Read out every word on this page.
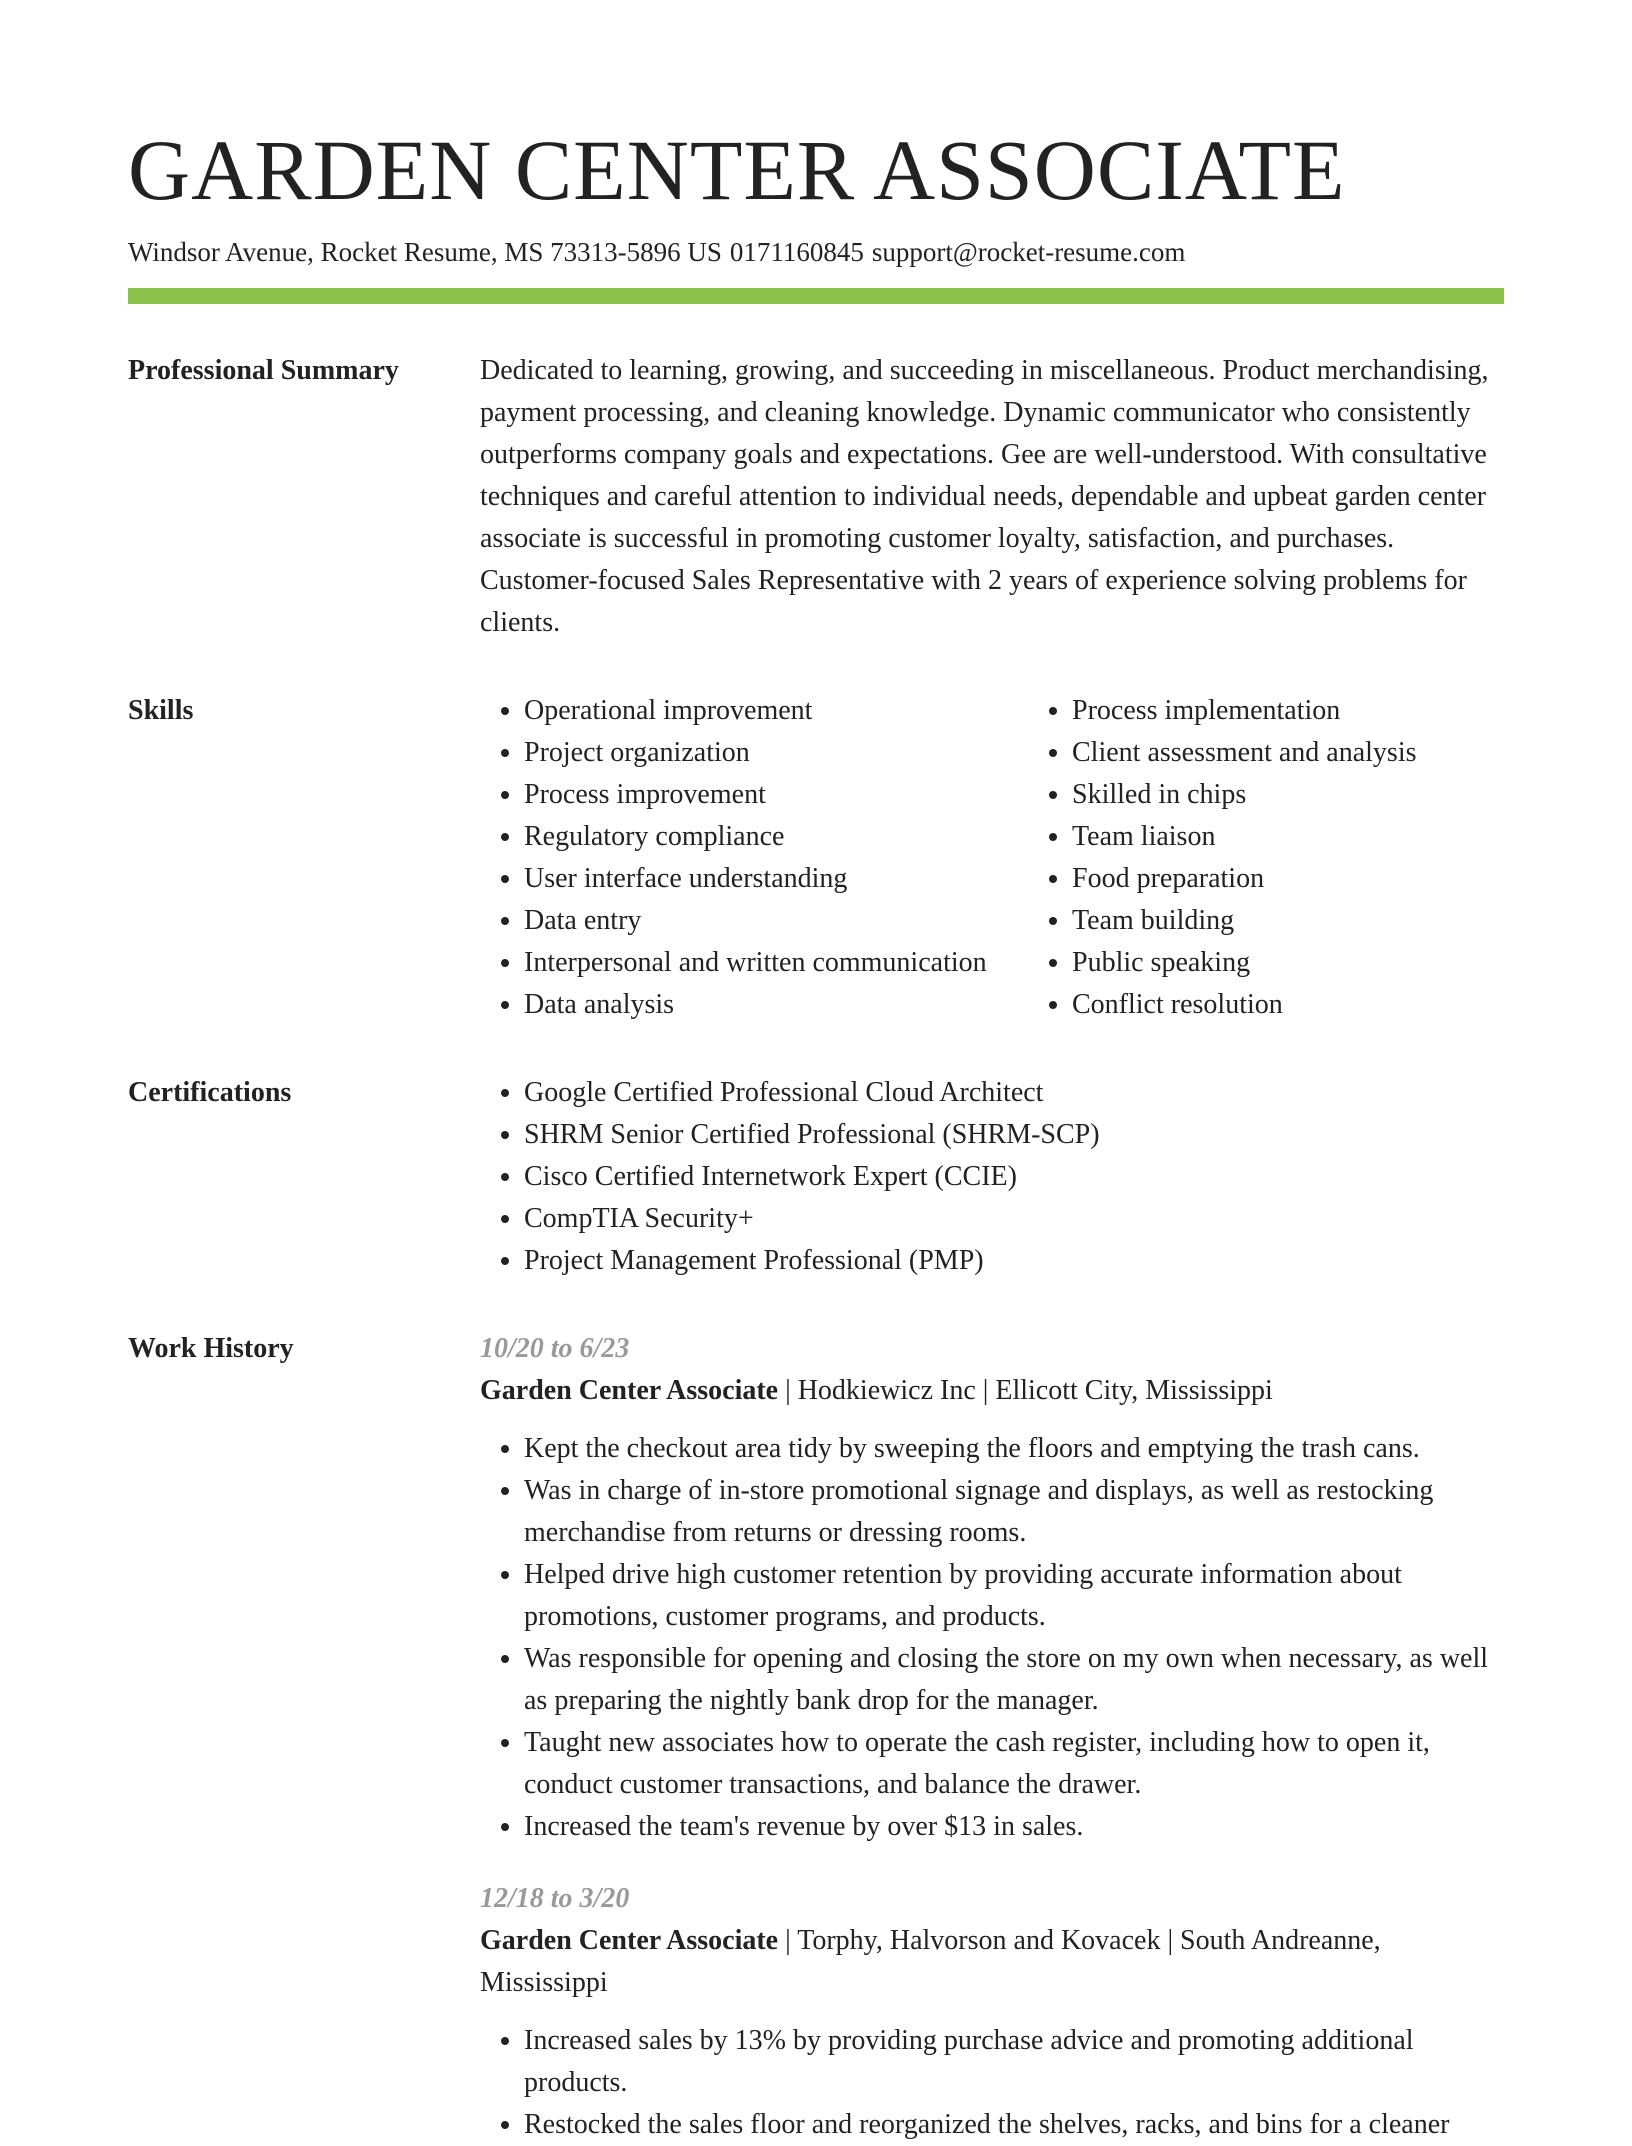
GARDEN CENTER ASSOCIATE
Windsor Avenue, Rocket Resume, MS 73313-5896 US 0171160845 support@rocket-resume.com
Professional Summary	Dedicated to learning, growing, and succeeding in miscellaneous. Product merchandising, payment processing, and cleaning knowledge. Dynamic communicator who consistently outperforms company goals and expectations. Gee are well-understood. With consultative techniques and careful attention to individual needs, dependable and upbeat garden center associate is successful in promoting customer loyalty, satisfaction, and purchases. Customer-focused Sales Representative with 2 years of experience solving problems for clients.

Skills	• Operational improvement
• Project organization
• Process improvement
• Regulatory compliance
• User interface understanding
• Data entry
• Interpersonal and written communication
• Data analysis
• Process implementation
• Client assessment and analysis
• Skilled in chips
• Team liaison
• Food preparation
• Team building
• Public speaking
• Conflict resolution
Certifications	• Google Certified Professional Cloud Architect
• SHRM Senior Certified Professional (SHRM-SCP)
• Cisco Certified Internetwork Expert (CCIE)
• CompTIA Security+
• Project Management Professional (PMP)
Work History	10/20 to 6/23
Garden Center Associate | Hodkiewicz Inc | Ellicott City, Mississippi
• Kept the checkout area tidy by sweeping the floors and emptying the trash cans.
• Was in charge of in-store promotional signage and displays, as well as restocking merchandise from returns or dressing rooms.
• Helped drive high customer retention by providing accurate information about promotions, customer programs, and products.
• Was responsible for opening and closing the store on my own when necessary, as well as preparing the nightly bank drop for the manager.
• Taught new associates how to operate the cash register, including how to open it, conduct customer transactions, and balance the drawer.
• Increased the team's revenue by over $13 in sales.
12/18 to 3/20
Garden Center Associate | Torphy, Halvorson and Kovacek | South Andreanne, Mississippi
• Increased sales by 13% by providing purchase advice and promoting additional products.
• Restocked the sales floor and reorganized the shelves, racks, and bins for a cleaner
